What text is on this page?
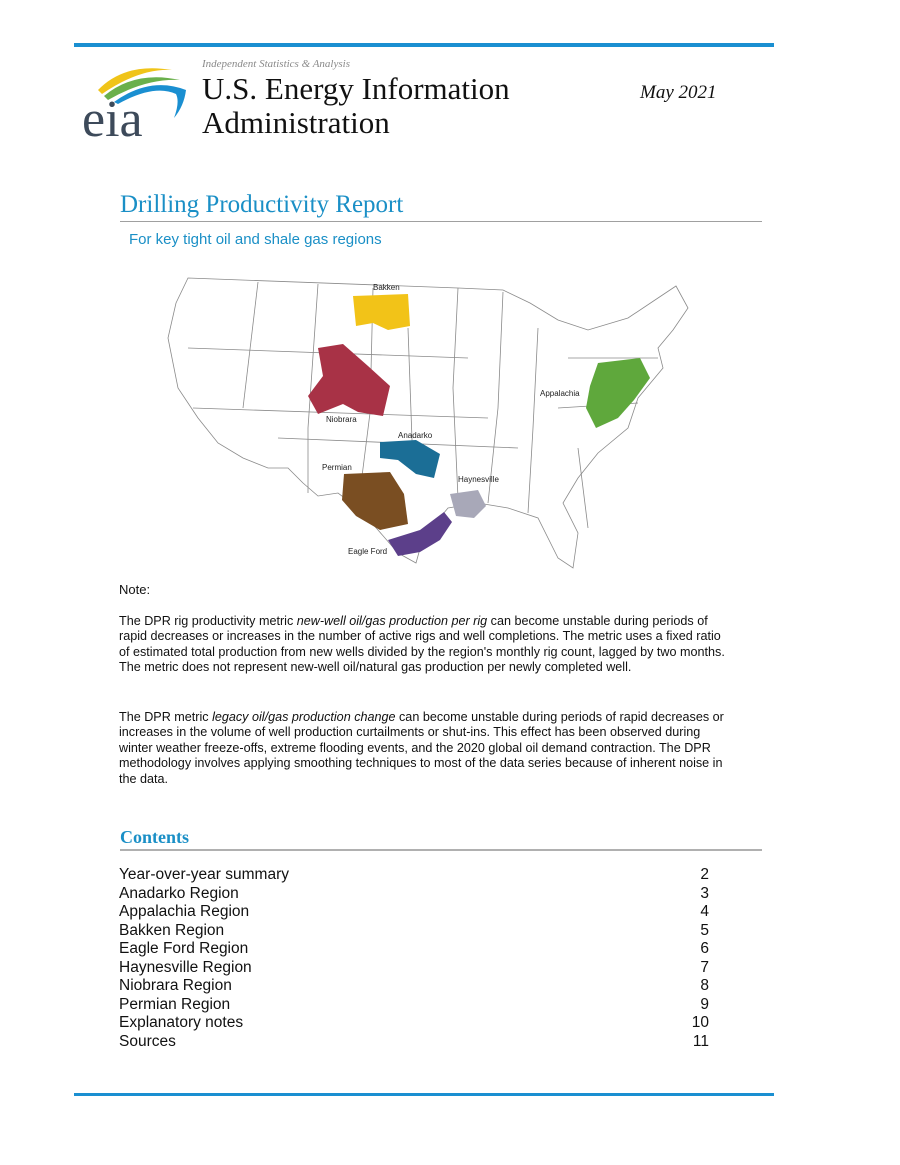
eia
Independent Statistics & Analysis
U.S. Energy Information
Administration
May 2021
Drilling Productivity Report
For key tight oil and shale gas regions
Bakken
Niobrara
Anadarko
Permian
Haynesville
Eagle Ford
Appalachia
Note:
The DPR rig productivity metric new-well oil/gas production per rig can become unstable during periods of rapid decreases or increases in the number of active rigs and well completions. The metric uses a fixed ratio of estimated total production from new wells divided by the region's monthly rig count, lagged by two months. The metric does not represent new-well oil/natural gas production per newly completed well.
The DPR metric legacy oil/gas production change can become unstable during periods of rapid decreases or increases in the volume of well production curtailments or shut-ins. This effect has been observed during winter weather freeze-offs, extreme flooding events, and the 2020 global oil demand contraction. The DPR methodology involves applying smoothing techniques to most of the data series because of inherent noise in the data.
Contents
Year-over-year summary	2
Anadarko Region	3
Appalachia Region	4
Bakken Region	5
Eagle Ford Region	6
Haynesville Region	7
Niobrara Region	8
Permian Region	9
Explanatory notes	10
Sources	11
